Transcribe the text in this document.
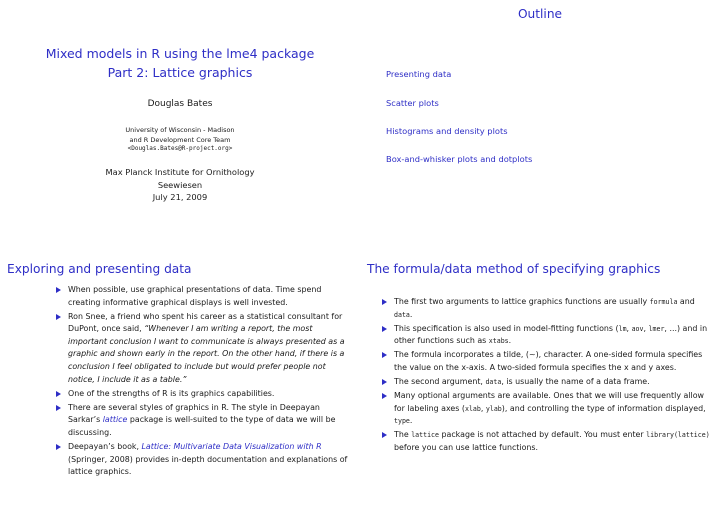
Mixed models in R using the lme4 package
Part 2: Lattice graphics
Douglas Bates
University of Wisconsin - Madison
and R Development Core Team
<Douglas.Bates@R-project.org>
Max Planck Institute for Ornithology
Seewiesen
July 21, 2009
Outline
Presenting data
Scatter plots
Histograms and density plots
Box-and-whisker plots and dotplots
Exploring and presenting data

When possible, use graphical presentations of data. Time spend creating informative graphical displays is well invested.

Ron Snee, a friend who spent his career as a statistical consultant for DuPont, once said, “Whenever I am writing a report, the most important conclusion I want to communicate is always presented as a graphic and shown early in the report. On the other hand, if there is a conclusion I feel obligated to include but would prefer people not notice, I include it as a table.”

One of the strengths of R is its graphics capabilities.

There are several styles of graphics in R. The style in Deepayan Sarkar’s lattice package is well-suited to the type of data we will be discussing.

Deepayan’s book, Lattice: Multivariate Data Visualization with R (Springer, 2008) provides in-depth documentation and explanations of lattice graphics.

The formula/data method of specifying graphics

The first two arguments to lattice graphics functions are usually formula and data.

This specification is also used in model-fitting functions (lm, aov, lmer, ...) and in other functions such as xtabs.

The formula incorporates a tilde, (~), character. A one-sided formula specifies the value on the x-axis. A two-sided formula specifies the x and y axes.

The second argument, data, is usually the name of a data frame.

Many optional arguments are available. Ones that we will use frequently allow for labeling axes (xlab, ylab), and controlling the type of information displayed, type.

The lattice package is not attached by default. You must enter library(lattice) before you can use lattice functions.
